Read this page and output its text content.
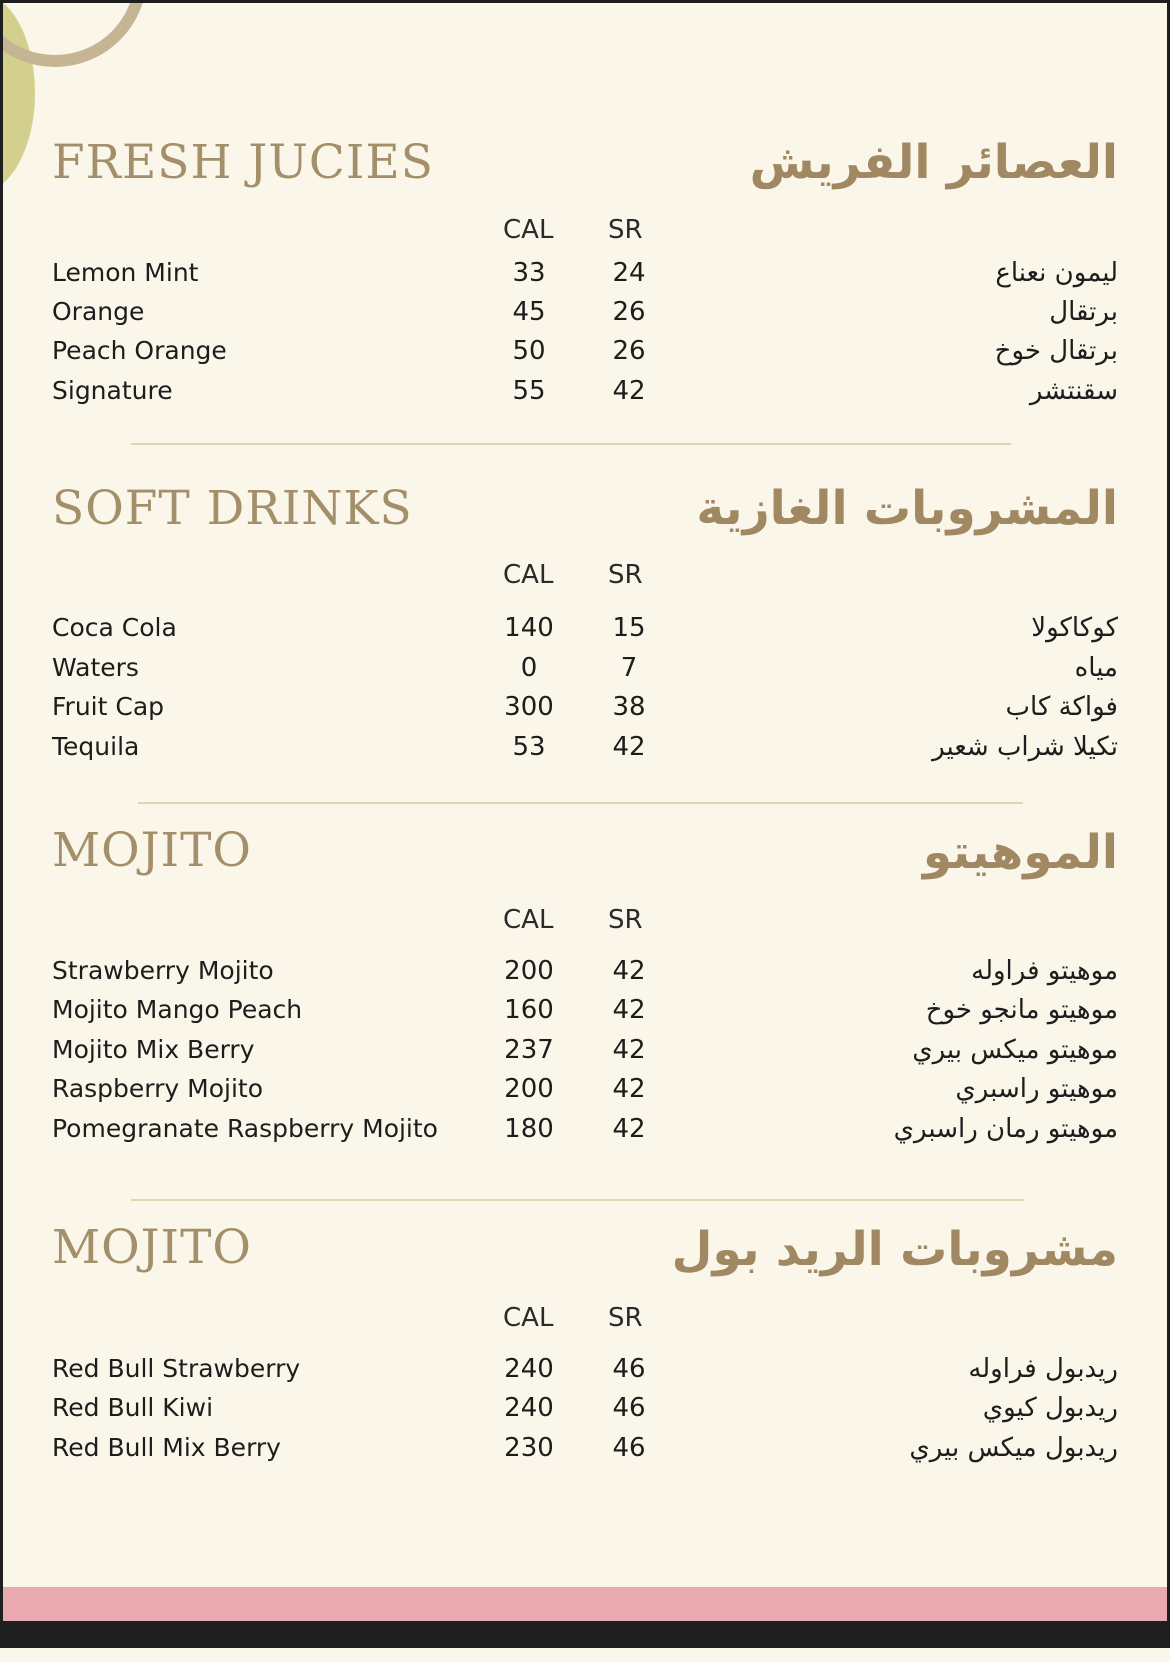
FRESH JUCIES	العصائر الفريش
CAL SR
Lemon Mint	33	24	ليمون نعناع
Orange	45	26	برتقال
Peach Orange	50	26	برتقال خوخ
Signature	55	42	سقنتشر
SOFT DRINKS	المشروبات الغازية
CAL SR
Coca Cola	140	15	كوكاكولا
Waters	0	7	مياه
Fruit Cap	300	38	فواكة كاب
Tequila	53	42	تكيلا شراب شعير
MOJITO	الموهيتو
CAL SR
Strawberry Mojito	200	42	موهيتو فراوله
Mojito Mango Peach	160	42	موهيتو مانجو خوخ
Mojito Mix Berry	237	42	موهيتو ميكس بيري
Raspberry Mojito	200	42	موهيتو راسبري
Pomegranate Raspberry Mojito	180	42	موهيتو رمان راسبري
MOJITO	مشروبات الريد بول
CAL SR
Red Bull Strawberry	240	46	ريدبول فراوله
Red Bull Kiwi	240	46	ريدبول كيوي
Red Bull Mix Berry	230	46	ريدبول ميكس بيري
